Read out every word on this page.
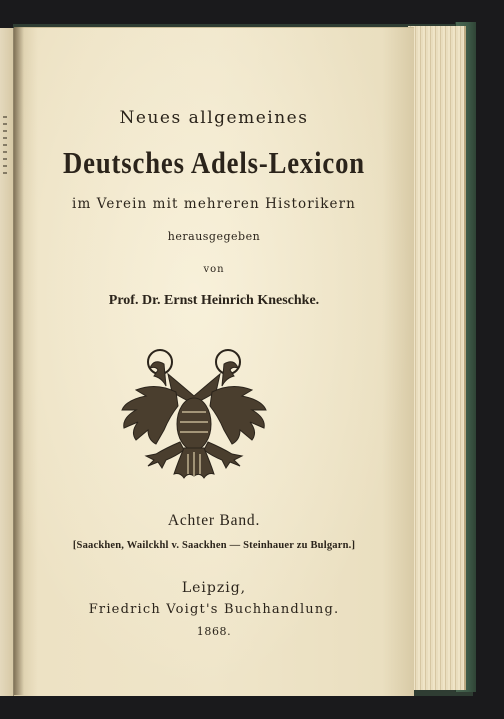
Neues allgemeines
Deutsches Adels-Lexicon
im Verein mit mehreren Historikern
herausgegeben
von
Prof. Dr. Ernst Heinrich Kneschke.
Achter Band.
[Saackhen, Wailckhl v. Saackhen — Steinhauer zu Bulgarn.]
Leipzig,
Friedrich Voigt's Buchhandlung.
1868.
